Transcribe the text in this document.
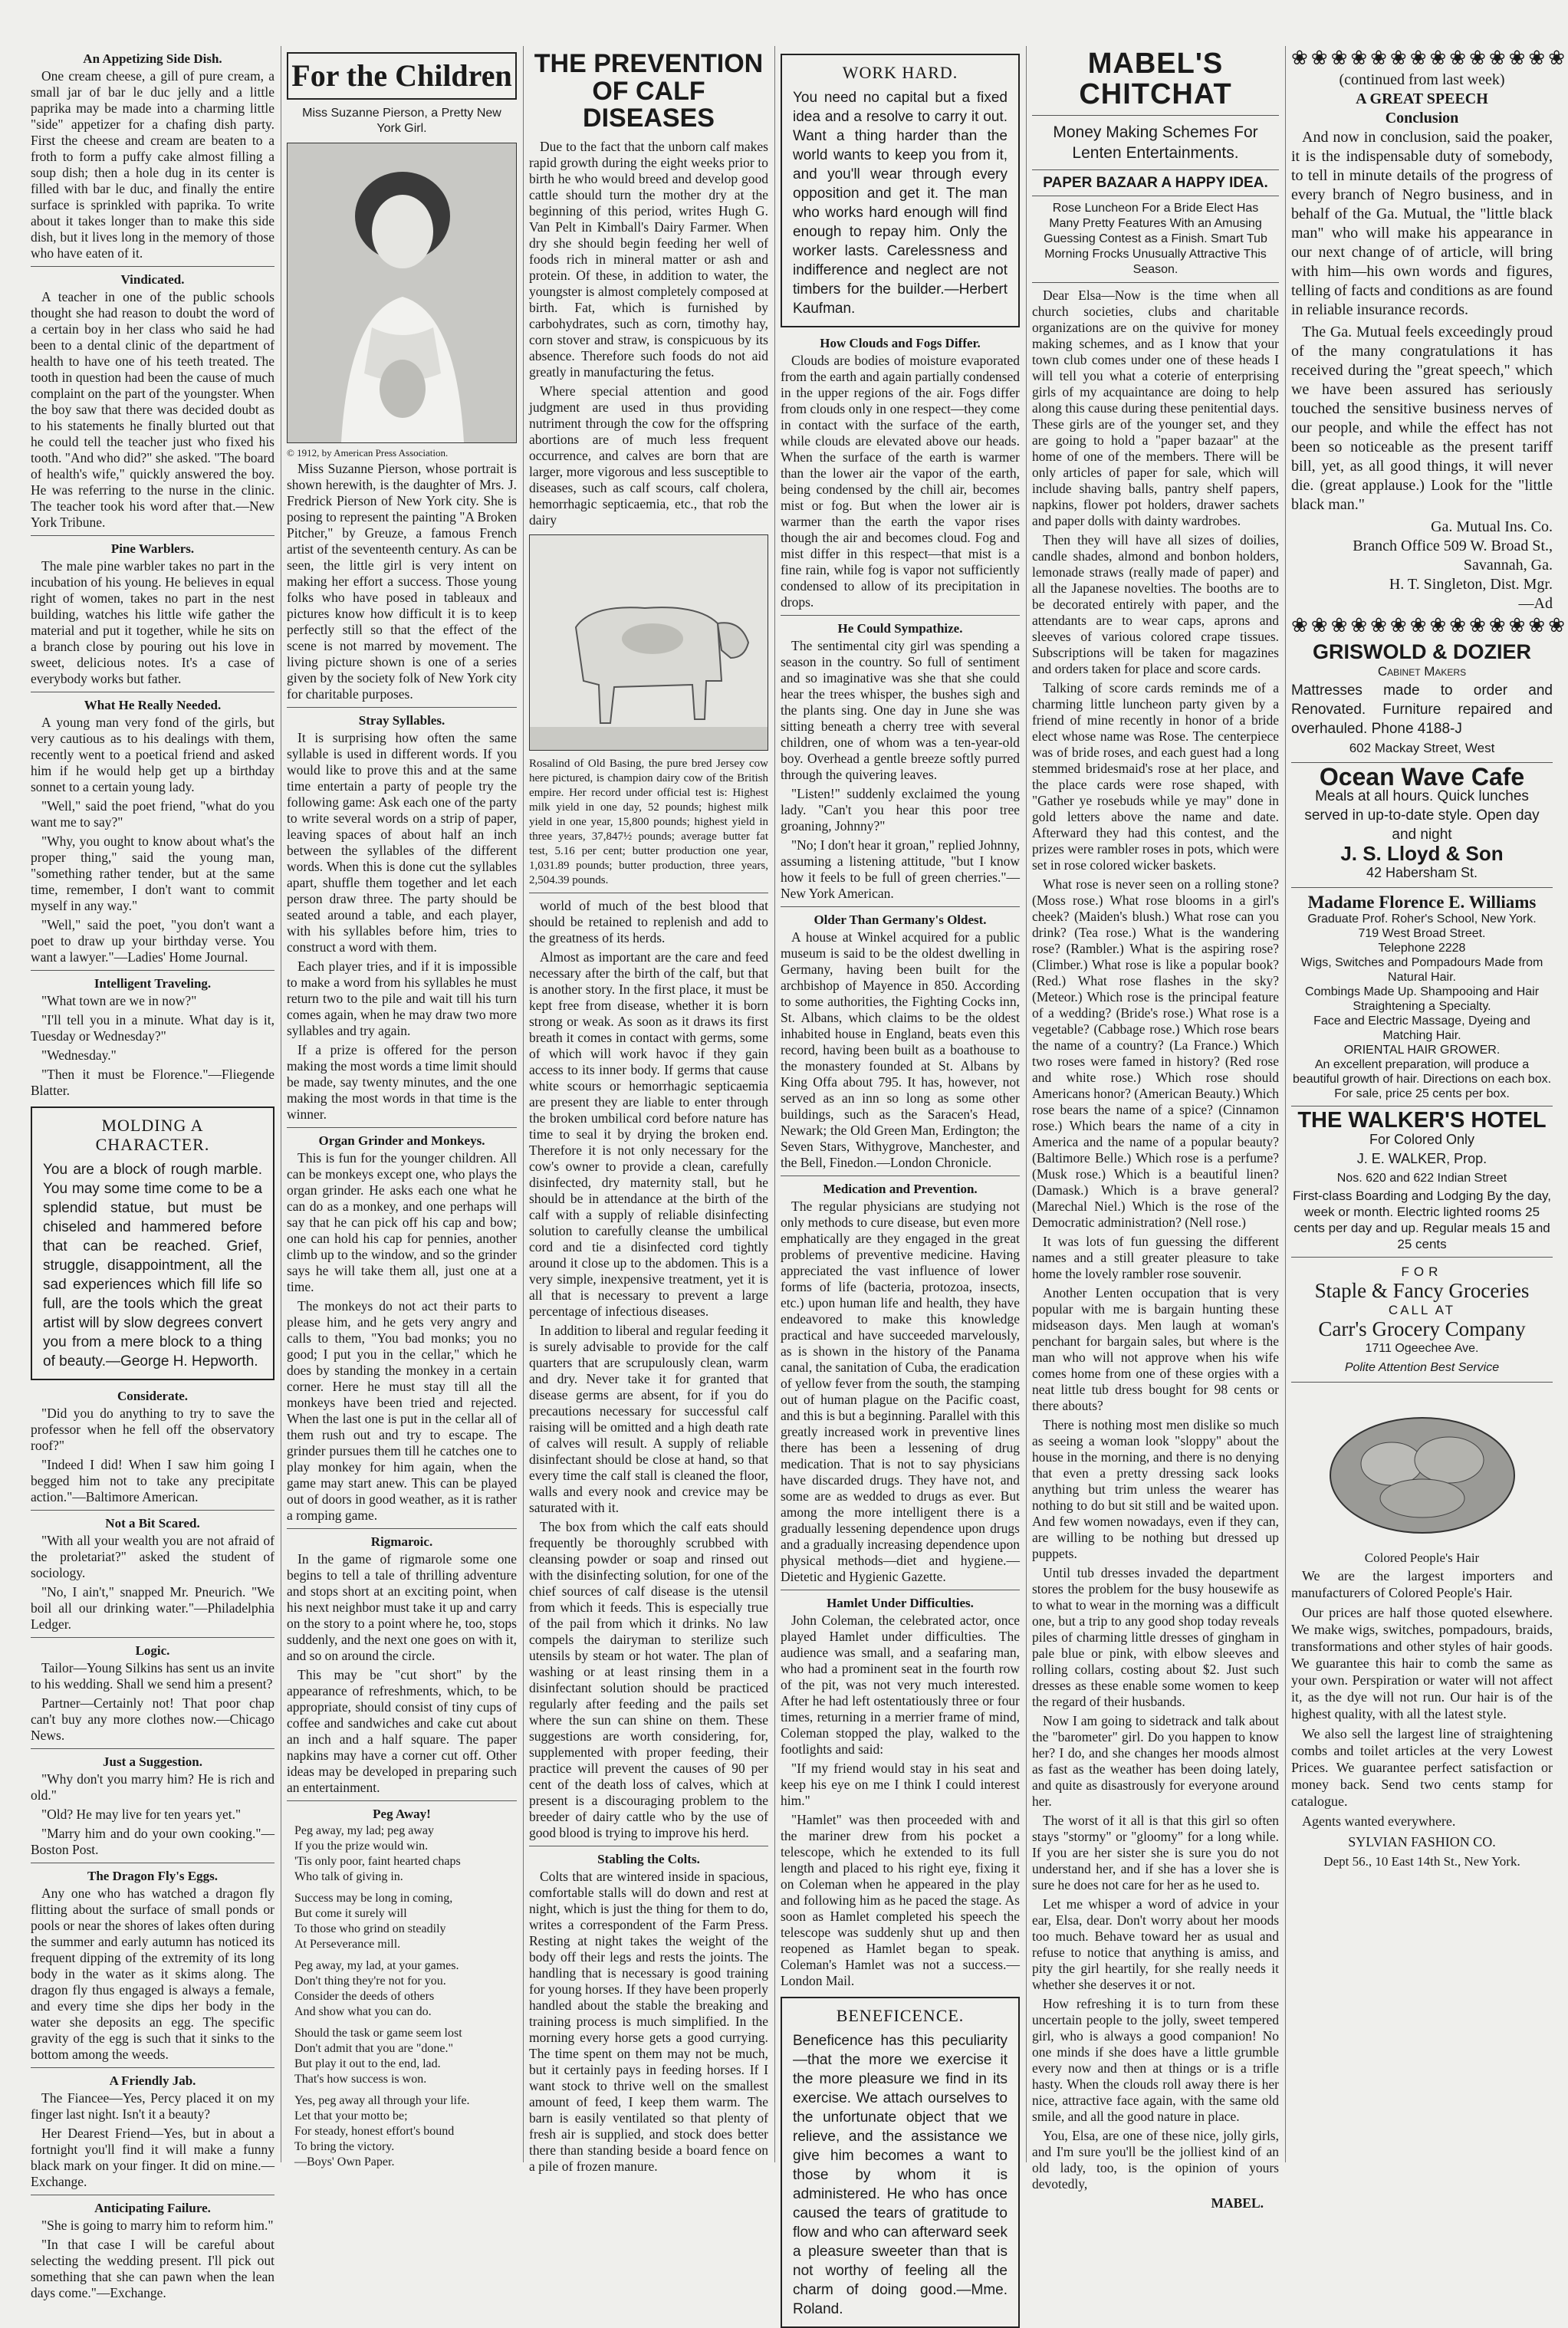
An Appetizing Side Dish.

One cream cheese, a gill of pure cream, a small jar of bar le duc jelly and a little paprika may be made into a charming little "side" appetizer for a chafing dish party. First the cheese and cream are beaten to a froth to form a puffy cake almost filling a soup dish; then a hole dug in its center is filled with bar le duc, and finally the entire surface is sprinkled with paprika. To write about it takes longer than to make this side dish, but it lives long in the memory of those who have eaten of it.

Vindicated.

A teacher in one of the public schools thought she had reason to doubt the word of a certain boy in her class who said he had been to a dental clinic of the department of health to have one of his teeth treated. The tooth in question had been the cause of much complaint on the part of the youngster. When the boy saw that there was decided doubt as to his statements he finally blurted out that he could tell the teacher just who fixed his tooth. "And who did?" she asked. "The board of health's wife," quickly answered the boy. He was referring to the nurse in the clinic. The teacher took his word after that.—New York Tribune.

Pine Warblers.

The male pine warbler takes no part in the incubation of his young. He believes in equal right of women, takes no part in the nest building, watches his little wife gather the material and put it together, while he sits on a branch close by pouring out his love in sweet, delicious notes. It's a case of everybody works but father.

What He Really Needed.

A young man very fond of the girls, but very cautious as to his dealings with them, recently went to a poetical friend and asked him if he would help get up a birthday sonnet to a certain young lady.

"Well," said the poet friend, "what do you want me to say?"

"Why, you ought to know about what's the proper thing," said the young man, "something rather tender, but at the same time, remember, I don't want to commit myself in any way."

"Well," said the poet, "you don't want a poet to draw up your birthday verse. You want a lawyer."—Ladies' Home Journal.

Intelligent Traveling.

"What town are we in now?"

"I'll tell you in a minute. What day is it, Tuesday or Wednesday?"

"Wednesday."

"Then it must be Florence."—Fliegende Blatter.

MOLDING A CHARACTER.
You are a block of rough marble. You may some time come to be a splendid statue, but must be chiseled and hammered before that can be reached. Grief, struggle, disappointment, all the sad experiences which fill life so full, are the tools which the great artist will by slow degrees convert you from a mere block to a thing of beauty.—George H. Hepworth.
Considerate.

"Did you do anything to try to save the professor when he fell off the observatory roof?"

"Indeed I did! When I saw him going I begged him not to take any precipitate action."—Baltimore American.

Not a Bit Scared.

"With all your wealth you are not afraid of the proletariat?" asked the student of sociology.

"No, I ain't," snapped Mr. Pneurich. "We boil all our drinking water."—Philadelphia Ledger.

Logic.

Tailor—Young Silkins has sent us an invite to his wedding. Shall we send him a present?

Partner—Certainly not! That poor chap can't buy any more clothes now.—Chicago News.

Just a Suggestion.

"Why don't you marry him? He is rich and old."

"Old? He may live for ten years yet."

"Marry him and do your own cooking."—Boston Post.

The Dragon Fly's Eggs.

Any one who has watched a dragon fly flitting about the surface of small ponds or pools or near the shores of lakes often during the summer and early autumn has noticed its frequent dipping of the extremity of its long body in the water as it skims along. The dragon fly thus engaged is always a female, and every time she dips her body in the water she deposits an egg. The specific gravity of the egg is such that it sinks to the bottom among the weeds.

A Friendly Jab.

The Fiancee—Yes, Percy placed it on my finger last night. Isn't it a beauty?

Her Dearest Friend—Yes, but in about a fortnight you'll find it will make a funny black mark on your finger. It did on mine.—Exchange.

Anticipating Failure.

"She is going to marry him to reform him."

"In that case I will be careful about selecting the wedding present. I'll pick out something that she can pawn when the lean days come."—Exchange.

For the Children
Miss Suzanne Pierson, a Pretty New York Girl.
© 1912, by American Press Association.

Miss Suzanne Pierson, whose portrait is shown herewith, is the daughter of Mrs. J. Fredrick Pierson of New York city. She is posing to represent the painting "A Broken Pitcher," by Greuze, a famous French artist of the seventeenth century. As can be seen, the little girl is very intent on making her effort a success. Those young folks who have posed in tableaux and pictures know how difficult it is to keep perfectly still so that the effect of the scene is not marred by movement. The living picture shown is one of a series given by the society folk of New York city for charitable purposes.

Stray Syllables.

It is surprising how often the same syllable is used in different words. If you would like to prove this and at the same time entertain a party of people try the following game: Ask each one of the party to write several words on a strip of paper, leaving spaces of about half an inch between the syllables of the different words. When this is done cut the syllables apart, shuffle them together and let each person draw three. The party should be seated around a table, and each player, with his syllables before him, tries to construct a word with them.

Each player tries, and if it is impossible to make a word from his syllables he must return two to the pile and wait till his turn comes again, when he may draw two more syllables and try again.

If a prize is offered for the person making the most words a time limit should be made, say twenty minutes, and the one making the most words in that time is the winner.

Organ Grinder and Monkeys.

This is fun for the younger children. All can be monkeys except one, who plays the organ grinder. He asks each one what he can do as a monkey, and one perhaps will say that he can pick off his cap and bow; one can hold his cap for pennies, another climb up to the window, and so the grinder says he will take them all, just one at a time.

The monkeys do not act their parts to please him, and he gets very angry and calls to them, "You bad monks; you no good; I put you in the cellar," which he does by standing the monkey in a certain corner. Here he must stay till all the monkeys have been tried and rejected. When the last one is put in the cellar all of them rush out and try to escape. The grinder pursues them till he catches one to play monkey for him again, when the game may start anew. This can be played out of doors in good weather, as it is rather a romping game.

Rigmaroic.

In the game of rigmarole some one begins to tell a tale of thrilling adventure and stops short at an exciting point, when his next neighbor must take it up and carry on the story to a point where he, too, stops suddenly, and the next one goes on with it, and so on around the circle.

This may be "cut short" by the appearance of refreshments, which, to be appropriate, should consist of tiny cups of coffee and sandwiches and cake cut about an inch and a half square. The paper napkins may have a corner cut off. Other ideas may be developed in preparing such an entertainment.

Peg Away!
Peg away, my lad; peg away
If you the prize would win.
'Tis only poor, faint hearted chaps
Who talk of giving in.
Success may be long in coming,
But come it surely will
To those who grind on steadily
At Perseverance mill.
Peg away, my lad, at your games.
Don't thing they're not for you.
Consider the deeds of others
And show what you can do.
Should the task or game seem lost
Don't admit that you are "done."
But play it out to the end, lad.
That's how success is won.
Yes, peg away all through your life.
Let that your motto be;
For steady, honest effort's bound
To bring the victory.
—Boys' Own Paper.
THE PREVENTION
OF CALF DISEASES

Due to the fact that the unborn calf makes rapid growth during the eight weeks prior to birth he who would breed and develop good cattle should turn the mother dry at the beginning of this period, writes Hugh G. Van Pelt in Kimball's Dairy Farmer. When dry she should begin feeding her well of foods rich in mineral matter or ash and protein. Of these, in addition to water, the youngster is almost completely composed at birth. Fat, which is furnished by carbohydrates, such as corn, timothy hay, corn stover and straw, is conspicuous by its absence. Therefore such foods do not aid greatly in manufacturing the fetus.

Where special attention and good judgment are used in thus providing nutriment through the cow for the offspring abortions are of much less frequent occurrence, and calves are born that are larger, more vigorous and less susceptible to diseases, such as calf scours, calf cholera, hemorrhagic septicaemia, etc., that rob the dairy

Rosalind of Old Basing, the pure bred Jersey cow here pictured, is champion dairy cow of the British empire. Her record under official test is: Highest milk yield in one day, 52 pounds; highest milk yield in one year, 15,800 pounds; highest yield in three years, 37,847½ pounds; average butter fat test, 5.16 per cent; butter production one year, 1,031.89 pounds; butter production, three years, 2,504.39 pounds.

world of much of the best blood that should be retained to replenish and add to the greatness of its herds.

Almost as important are the care and feed necessary after the birth of the calf, but that is another story. In the first place, it must be kept free from disease, whether it is born strong or weak. As soon as it draws its first breath it comes in contact with germs, some of which will work havoc if they gain access to its inner body. If germs that cause white scours or hemorrhagic septicaemia are present they are liable to enter through the broken umbilical cord before nature has time to seal it by drying the broken end. Therefore it is not only necessary for the cow's owner to provide a clean, carefully disinfected, dry maternity stall, but he should be in attendance at the birth of the calf with a supply of reliable disinfecting solution to carefully cleanse the umbilical cord and tie a disinfected cord tightly around it close up to the abdomen. This is a very simple, inexpensive treatment, yet it is all that is necessary to prevent a large percentage of infectious diseases.

In addition to liberal and regular feeding it is surely advisable to provide for the calf quarters that are scrupulously clean, warm and dry. Never take it for granted that disease germs are absent, for if you do precautions necessary for successful calf raising will be omitted and a high death rate of calves will result. A supply of reliable disinfectant should be close at hand, so that every time the calf stall is cleaned the floor, walls and every nook and crevice may be saturated with it.

The box from which the calf eats should frequently be thoroughly scrubbed with cleansing powder or soap and rinsed out with the disinfecting solution, for one of the chief sources of calf disease is the utensil from which it feeds. This is especially true of the pail from which it drinks. No law compels the dairyman to sterilize such utensils by steam or hot water. The plan of washing or at least rinsing them in a disinfectant solution should be practiced regularly after feeding and the pails set where the sun can shine on them. These suggestions are worth considering, for, supplemented with proper feeding, their practice will prevent the causes of 90 per cent of the death loss of calves, which at present is a discouraging problem to the breeder of dairy cattle who by the use of good blood is trying to improve his herd.

Stabling the Colts.

Colts that are wintered inside in spacious, comfortable stalls will do down and rest at night, which is just the thing for them to do, writes a correspondent of the Farm Press. Resting at night takes the weight of the body off their legs and rests the joints. The handling that is necessary is good training for young horses. If they have been properly handled about the stable the breaking and training process is much simplified. In the morning every horse gets a good currying. The time spent on them may not be much, but it certainly pays in feeding horses. If I want stock to thrive well on the smallest amount of feed, I keep them warm. The barn is easily ventilated so that plenty of fresh air is supplied, and stock does better there than standing beside a board fence on a pile of frozen manure.

WORK HARD.
You need no capital but a fixed idea and a resolve to carry it out. Want a thing harder than the world wants to keep you from it, and you'll wear through every opposition and get it. The man who works hard enough will find enough to repay him. Only the worker lasts. Carelessness and indifference and neglect are not timbers for the builder.—Herbert Kaufman.
How Clouds and Fogs Differ.

Clouds are bodies of moisture evaporated from the earth and again partially condensed in the upper regions of the air. Fogs differ from clouds only in one respect—they come in contact with the surface of the earth, while clouds are elevated above our heads. When the surface of the earth is warmer than the lower air the vapor of the earth, being condensed by the chill air, becomes mist or fog. But when the lower air is warmer than the earth the vapor rises though the air and becomes cloud. Fog and mist differ in this respect—that mist is a fine rain, while fog is vapor not sufficiently condensed to allow of its precipitation in drops.

He Could Sympathize.

The sentimental city girl was spending a season in the country. So full of sentiment and so imaginative was she that she could hear the trees whisper, the bushes sigh and the plants sing. One day in June she was sitting beneath a cherry tree with several children, one of whom was a ten-year-old boy. Overhead a gentle breeze softly purred through the quivering leaves.

"Listen!" suddenly exclaimed the young lady. "Can't you hear this poor tree groaning, Johnny?"

"No; I don't hear it groan," replied Johnny, assuming a listening attitude, "but I know how it feels to be full of green cherries."—New York American.

Older Than Germany's Oldest.

A house at Winkel acquired for a public museum is said to be the oldest dwelling in Germany, having been built for the archbishop of Mayence in 850. According to some authorities, the Fighting Cocks inn, St. Albans, which claims to be the oldest inhabited house in England, beats even this record, having been built as a boathouse to the monastery founded at St. Albans by King Offa about 795. It has, however, not served as an inn so long as some other buildings, such as the Saracen's Head, Newark; the Old Green Man, Erdington; the Seven Stars, Withygrove, Manchester, and the Bell, Finedon.—London Chronicle.

Medication and Prevention.

The regular physicians are studying not only methods to cure disease, but even more emphatically are they engaged in the great problems of preventive medicine. Having appreciated the vast influence of lower forms of life (bacteria, protozoa, insects, etc.) upon human life and health, they have endeavored to make this knowledge practical and have succeeded marvelously, as is shown in the history of the Panama canal, the sanitation of Cuba, the eradication of yellow fever from the south, the stamping out of human plague on the Pacific coast, and this is but a beginning. Parallel with this greatly increased work in preventive lines there has been a lessening of drug medication. That is not to say physicians have discarded drugs. They have not, and some are as wedded to drugs as ever. But among the more intelligent there is a gradually lessening dependence upon drugs and a gradually increasing dependence upon physical methods—diet and hygiene.—Dietetic and Hygienic Gazette.

Hamlet Under Difficulties.

John Coleman, the celebrated actor, once played Hamlet under difficulties. The audience was small, and a seafaring man, who had a prominent seat in the fourth row of the pit, was not very much interested. After he had left ostentatiously three or four times, returning in a merrier frame of mind, Coleman stopped the play, walked to the footlights and said:

"If my friend would stay in his seat and keep his eye on me I think I could interest him."

"Hamlet" was then proceeded with and the mariner drew from his pocket a telescope, which he extended to its full length and placed to his right eye, fixing it on Coleman when he appeared in the play and following him as he paced the stage. As soon as Hamlet completed his speech the telescope was suddenly shut up and then reopened as Hamlet began to speak. Coleman's Hamlet was not a success.—London Mail.

BENEFICENCE.
Beneficence has this peculiarity—that the more we exercise it the more pleasure we find in its exercise. We attach ourselves to the unfortunate object that we relieve, and the assistance we give him becomes a want to those by whom it is administered. He who has once caused the tears of gratitude to flow and who can afterward seek a pleasure sweeter than that is not worthy of feeling all the charm of doing good.—Mme. Roland.
MABEL'S CHITCHAT
Money Making Schemes For Lenten Entertainments.
PAPER BAZAAR A HAPPY IDEA.
Rose Luncheon For a Bride Elect Has Many Pretty Features With an Amusing Guessing Contest as a Finish. Smart Tub Morning Frocks Unusually Attractive This Season.

Dear Elsa—Now is the time when all church societies, clubs and charitable organizations are on the quivive for money making schemes, and as I know that your town club comes under one of these heads I will tell you what a coterie of enterprising girls of my acquaintance are doing to help along this cause during these penitential days. These girls are of the younger set, and they are going to hold a "paper bazaar" at the home of one of the members. There will be only articles of paper for sale, which will include shaving balls, pantry shelf papers, napkins, flower pot holders, drawer sachets and paper dolls with dainty wardrobes.

Then they will have all sizes of doilies, candle shades, almond and bonbon holders, lemonade straws (really made of paper) and all the Japanese novelties. The booths are to be decorated entirely with paper, and the attendants are to wear caps, aprons and sleeves of various colored crape tissues. Subscriptions will be taken for magazines and orders taken for place and score cards.

Talking of score cards reminds me of a charming little luncheon party given by a friend of mine recently in honor of a bride elect whose name was Rose. The centerpiece was of bride roses, and each guest had a long stemmed bridesmaid's rose at her place, and the place cards were rose shaped, with "Gather ye rosebuds while ye may" done in gold letters above the name and date. Afterward they had this contest, and the prizes were rambler roses in pots, which were set in rose colored wicker baskets.

What rose is never seen on a rolling stone? (Moss rose.) What rose blooms in a girl's cheek? (Maiden's blush.) What rose can you drink? (Tea rose.) What is the wandering rose? (Rambler.) What is the aspiring rose? (Climber.) What rose is like a popular book? (Red.) What rose flashes in the sky? (Meteor.) Which rose is the principal feature of a wedding? (Bride's rose.) What rose is a vegetable? (Cabbage rose.) Which rose bears the name of a country? (La France.) Which two roses were famed in history? (Red rose and white rose.) Which rose should Americans honor? (American Beauty.) Which rose bears the name of a spice? (Cinnamon rose.) Which bears the name of a city in America and the name of a popular beauty? (Baltimore Belle.) Which rose is a perfume? (Musk rose.) Which is a beautiful linen? (Damask.) Which is a brave general? (Marechal Niel.) Which is the rose of the Democratic administration? (Nell rose.)

It was lots of fun guessing the different names and a still greater pleasure to take home the lovely rambler rose souvenir.

Another Lenten occupation that is very popular with me is bargain hunting these midseason days. Men laugh at woman's penchant for bargain sales, but where is the man who will not approve when his wife comes home from one of these orgies with a neat little tub dress bought for 98 cents or there abouts?

There is nothing most men dislike so much as seeing a woman look "sloppy" about the house in the morning, and there is no denying that even a pretty dressing sack looks anything but trim unless the wearer has nothing to do but sit still and be waited upon. And few women nowadays, even if they can, are willing to be nothing but dressed up puppets.

Until tub dresses invaded the department stores the problem for the busy housewife as to what to wear in the morning was a difficult one, but a trip to any good shop today reveals piles of charming little dresses of gingham in pale blue or pink, with elbow sleeves and rolling collars, costing about $2. Just such dresses as these enable some women to keep the regard of their husbands.

Now I am going to sidetrack and talk about the "barometer" girl. Do you happen to know her? I do, and she changes her moods almost as fast as the weather has been doing lately, and quite as disastrously for everyone around her.

The worst of it all is that this girl so often stays "stormy" or "gloomy" for a long while. If you are her sister she is sure you do not understand her, and if she has a lover she is sure he does not care for her as he used to.

Let me whisper a word of advice in your ear, Elsa, dear. Don't worry about her moods too much. Behave toward her as usual and refuse to notice that anything is amiss, and pity the girl heartily, for she really needs it whether she deserves it or not.

How refreshing it is to turn from these uncertain people to the jolly, sweet tempered girl, who is always a good companion! No one minds if she does have a little grumble every now and then at things or is a trifle hasty. When the clouds roll away there is her nice, attractive face again, with the same old smile, and all the good nature in place.

You, Elsa, are one of these nice, jolly girls, and I'm sure you'll be the jolliest kind of an old lady, too, is the opinion of yours devotedly,

MABEL.
❀❀❀❀❀❀❀❀❀❀❀❀❀❀
(continued from last week)
A GREAT SPEECH
Conclusion

And now in conclusion, said the poaker, it is the indispensable duty of somebody, to tell in minute details of the progress of every branch of Negro business, and in behalf of the Ga. Mutual, the "little black man" who will make his appearance in our next change of of article, will bring with him—his own words and figures, telling of facts and conditions as are found in reliable insurance records.

The Ga. Mutual feels exceedingly proud of the many congratulations it has received during the "great speech," which we have been assured has seriously touched the sensitive business nerves of our people, and while the effect has not been so noticeable as the present tariff bill, yet, as all good things, it will never die. (great applause.) Look for the "little black man."

Ga. Mutual Ins. Co.
Branch Office 509 W. Broad St., Savannah, Ga.
H. T. Singleton, Dist. Mgr.
—Ad
❀❀❀❀❀❀❀❀❀❀❀❀❀❀
GRISWOLD & DOZIER
Cabinet Makers
Mattresses made to order and Renovated. Furniture repaired and overhauled. Phone 4188-J
602 Mackay Street, West
Ocean Wave Cafe
Meals at all hours. Quick lunches served in up-to-date style. Open day and night
J. S. Lloyd & Son
42 Habersham St.
Madame Florence E. Williams
Graduate Prof. Roher's School, New York.
719 West Broad Street.
Telephone 2228
Wigs, Switches and Pompadours Made from Natural Hair.
Combings Made Up. Shampooing and Hair Straightening a Specialty.
Face and Electric Massage, Dyeing and Matching Hair.
ORIENTAL HAIR GROWER.
An excellent preparation, will produce a beautiful growth of hair. Directions on each box. For sale, price 25 cents per box.
THE WALKER'S HOTEL
For Colored Only
J. E. WALKER, Prop.
Nos. 620 and 622 Indian Street
First-class Boarding and Lodging By the day, week or month. Electric lighted rooms 25 cents per day and up. Regular meals 15 and 25 cents
FOR
Staple & Fancy Groceries
CALL AT
Carr's Grocery Company
1711 Ogeechee Ave.
Polite Attention Best Service
Colored People's Hair

We are the largest importers and manufacturers of Colored People's Hair.

Our prices are half those quoted elsewhere. We make wigs, switches, pompadours, braids, transformations and other styles of hair goods. We guarantee this hair to comb the same as your own. Perspiration or water will not affect it, as the dye will not run. Our hair is of the highest quality, with all the latest style.

We also sell the largest line of straightening combs and toilet articles at the very Lowest Prices. We guarantee perfect satisfaction or money back. Send two cents stamp for catalogue.

Agents wanted everywhere.

SYLVIAN FASHION CO.
Dept 56., 10 East 14th St., New York.
